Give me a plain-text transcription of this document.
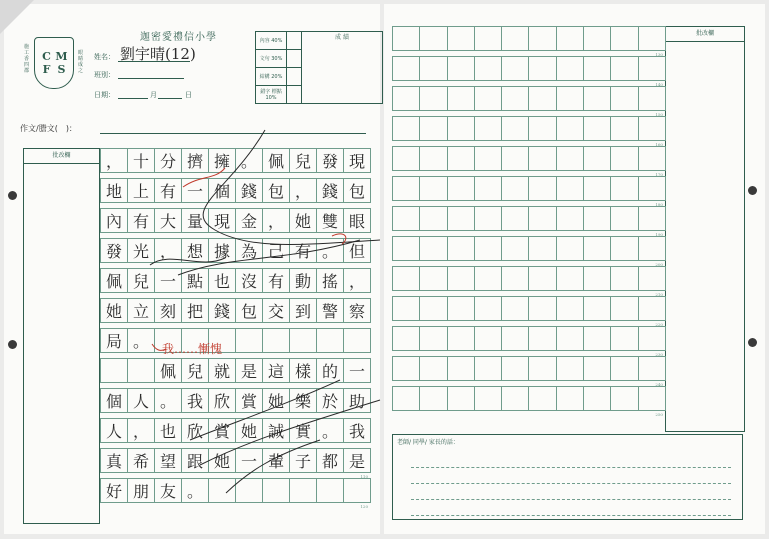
迦密愛禮信小學
C M
F S
施工香四郡
眼睛成之
姓名： 劉宇晴(12)
班別：
日期：	月	日
內容 40%		成 績
文句 30%		
結構 20%		
錯字 標點 10%		
作文/謄文(　)：
批改欄
批改欄
， 十 分 擠 擁 。 佩 兒 發 現
地 上 有 一 個 錢 包 ， 錢 包
內 有 大 量 現 金 ， 她 雙 眼
發 光 ， 想 據 為 己 有 。 但
佩 兒 一 點 也 沒 有 動 搖 ，
她 立 刻 把 錢 包 交 到 警 察
局 。
佩 兒 就 是 這 樣 的 一
個 人 。 我 欣 賞 她 樂 於 助
人 ， 也 欣 賞 她 誠 實 。 我
真 希 望 跟 她 一 輩 子 都 是
110
好 朋 友 。
120
130
140
150
160
170
180
190
200
210
220
230
240
250
老師/ 同學/ 家長的話：
我……慚愧
